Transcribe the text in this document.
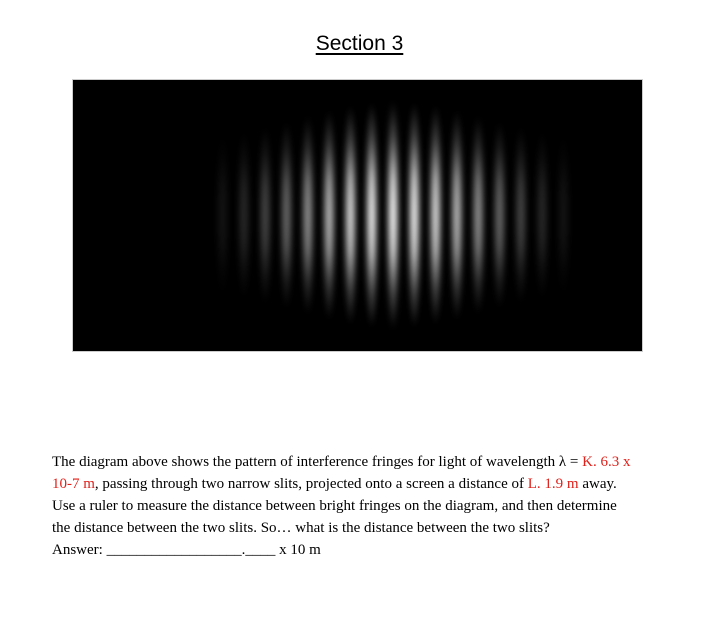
Section 3
The diagram above shows the pattern of interference fringes for light of wavelength λ = K. 6.3 x
10-7 m, passing through two narrow slits, projected onto a screen a distance of L. 1.9 m away.
Use a ruler to measure the distance between bright fringes on the diagram, and then determine
the distance between the two slits. So… what is the distance between the two slits?
Answer: __________________.____ x 10 m
